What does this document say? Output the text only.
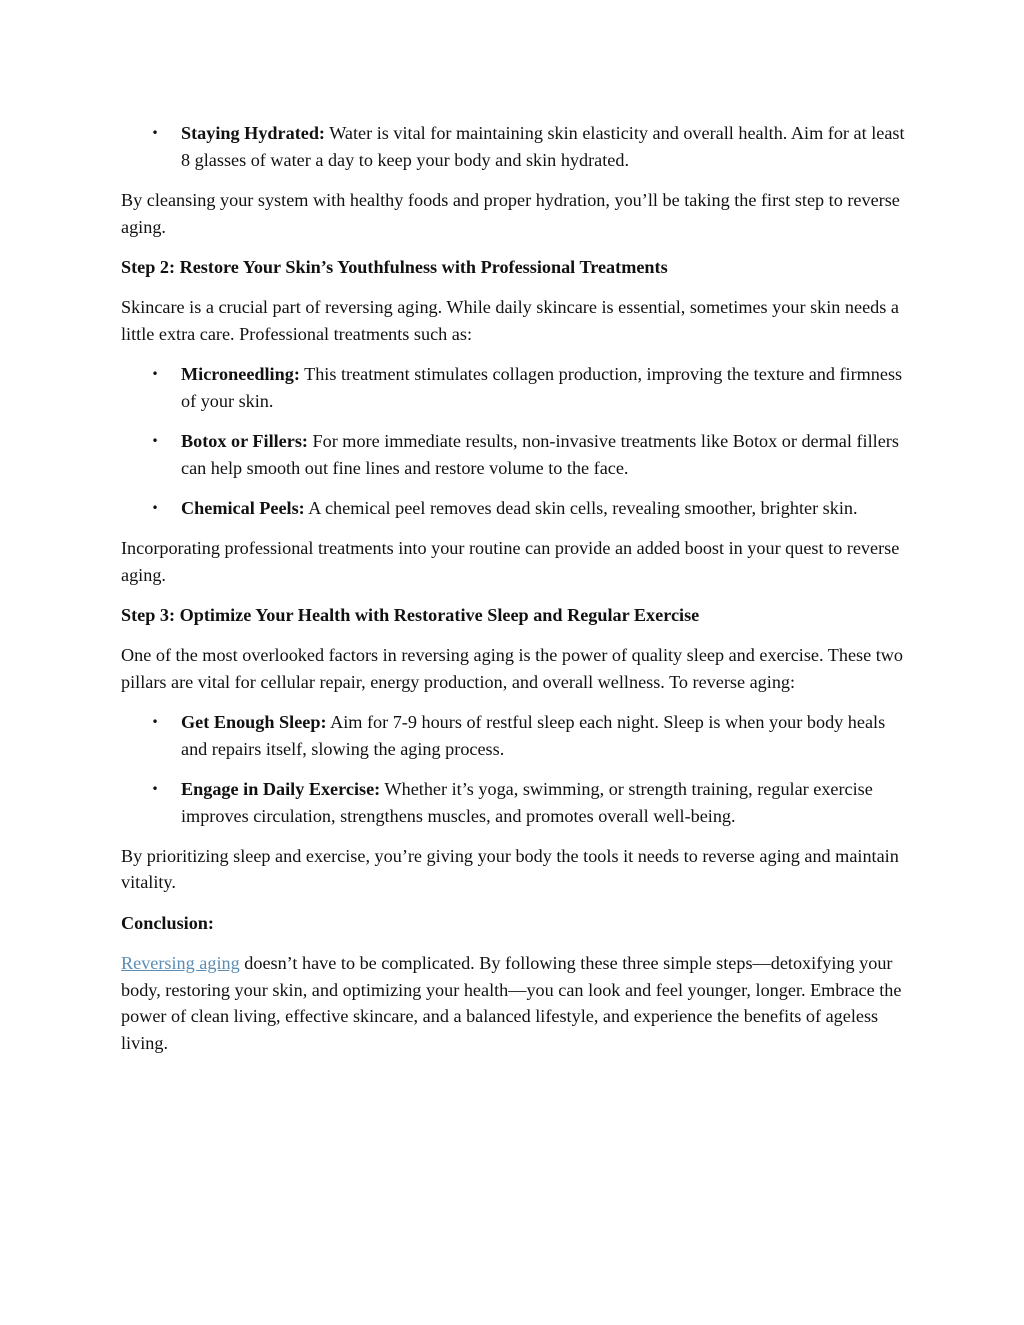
• Staying Hydrated: Water is vital for maintaining skin elasticity and overall health. Aim for at least 8 glasses of water a day to keep your body and skin hydrated.

By cleansing your system with healthy foods and proper hydration, you’ll be taking the first step to reverse aging.

Step 2: Restore Your Skin’s Youthfulness with Professional Treatments

Skincare is a crucial part of reversing aging. While daily skincare is essential, sometimes your skin needs a little extra care. Professional treatments such as:

• Microneedling: This treatment stimulates collagen production, improving the texture and firmness of your skin.
• Botox or Fillers: For more immediate results, non-invasive treatments like Botox or dermal fillers can help smooth out fine lines and restore volume to the face.
• Chemical Peels: A chemical peel removes dead skin cells, revealing smoother, brighter skin.

Incorporating professional treatments into your routine can provide an added boost in your quest to reverse aging.

Step 3: Optimize Your Health with Restorative Sleep and Regular Exercise

One of the most overlooked factors in reversing aging is the power of quality sleep and exercise. These two pillars are vital for cellular repair, energy production, and overall wellness. To reverse aging:

• Get Enough Sleep: Aim for 7-9 hours of restful sleep each night. Sleep is when your body heals and repairs itself, slowing the aging process.
• Engage in Daily Exercise: Whether it’s yoga, swimming, or strength training, regular exercise improves circulation, strengthens muscles, and promotes overall well-being.

By prioritizing sleep and exercise, you’re giving your body the tools it needs to reverse aging and maintain vitality.

Conclusion:

Reversing aging doesn’t have to be complicated. By following these three simple steps—detoxifying your body, restoring your skin, and optimizing your health—you can look and feel younger, longer. Embrace the power of clean living, effective skincare, and a balanced lifestyle, and experience the benefits of ageless living.
